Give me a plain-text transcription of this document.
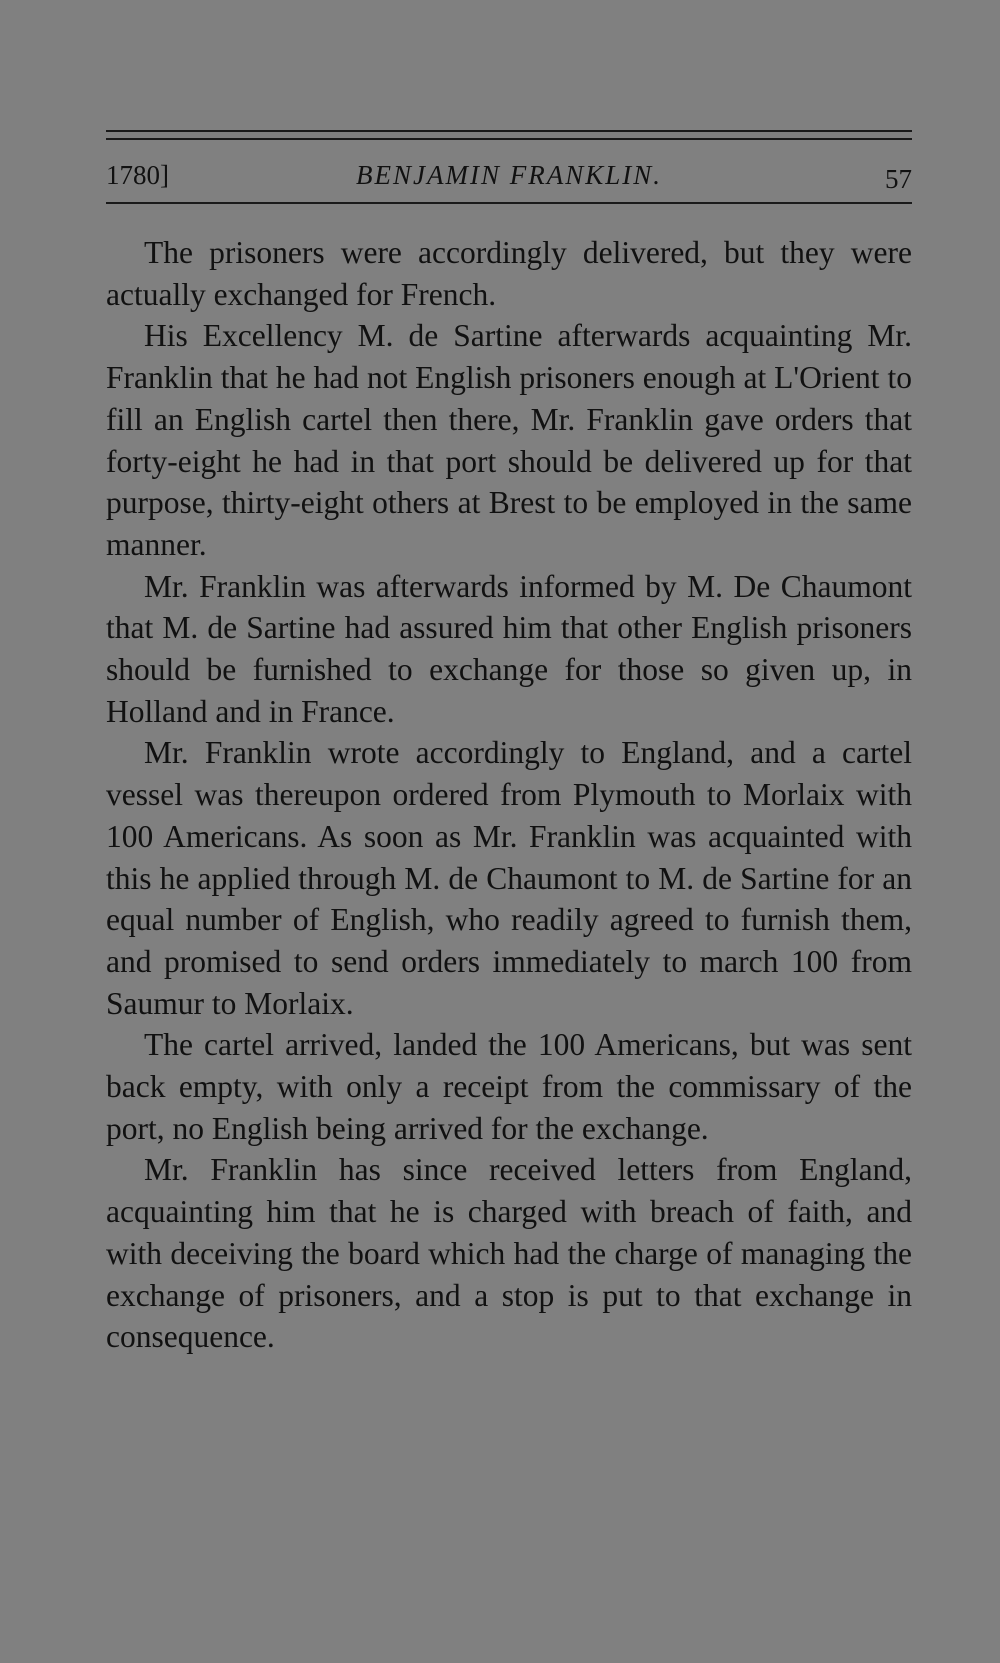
1780]	BENJAMIN FRANKLIN.	57

The prisoners were accordingly delivered, but they were actually exchanged for French.

His Excellency M. de Sartine afterwards acquainting Mr. Franklin that he had not English prisoners enough at L'Orient to fill an English cartel then there, Mr. Franklin gave orders that forty-eight he had in that port should be delivered up for that purpose, thirty-eight others at Brest to be employed in the same manner.

Mr. Franklin was afterwards informed by M. De Chaumont that M. de Sartine had assured him that other English prisoners should be furnished to exchange for those so given up, in Holland and in France.

Mr. Franklin wrote accordingly to England, and a cartel vessel was thereupon ordered from Plymouth to Morlaix with 100 Americans. As soon as Mr. Franklin was acquainted with this he applied through M. de Chaumont to M. de Sartine for an equal number of English, who readily agreed to furnish them, and promised to send orders immediately to march 100 from Saumur to Morlaix.

The cartel arrived, landed the 100 Americans, but was sent back empty, with only a receipt from the commissary of the port, no English being arrived for the exchange.

Mr. Franklin has since received letters from England, acquainting him that he is charged with breach of faith, and with deceiving the board which had the charge of managing the exchange of prisoners, and a stop is put to that exchange in consequence.
